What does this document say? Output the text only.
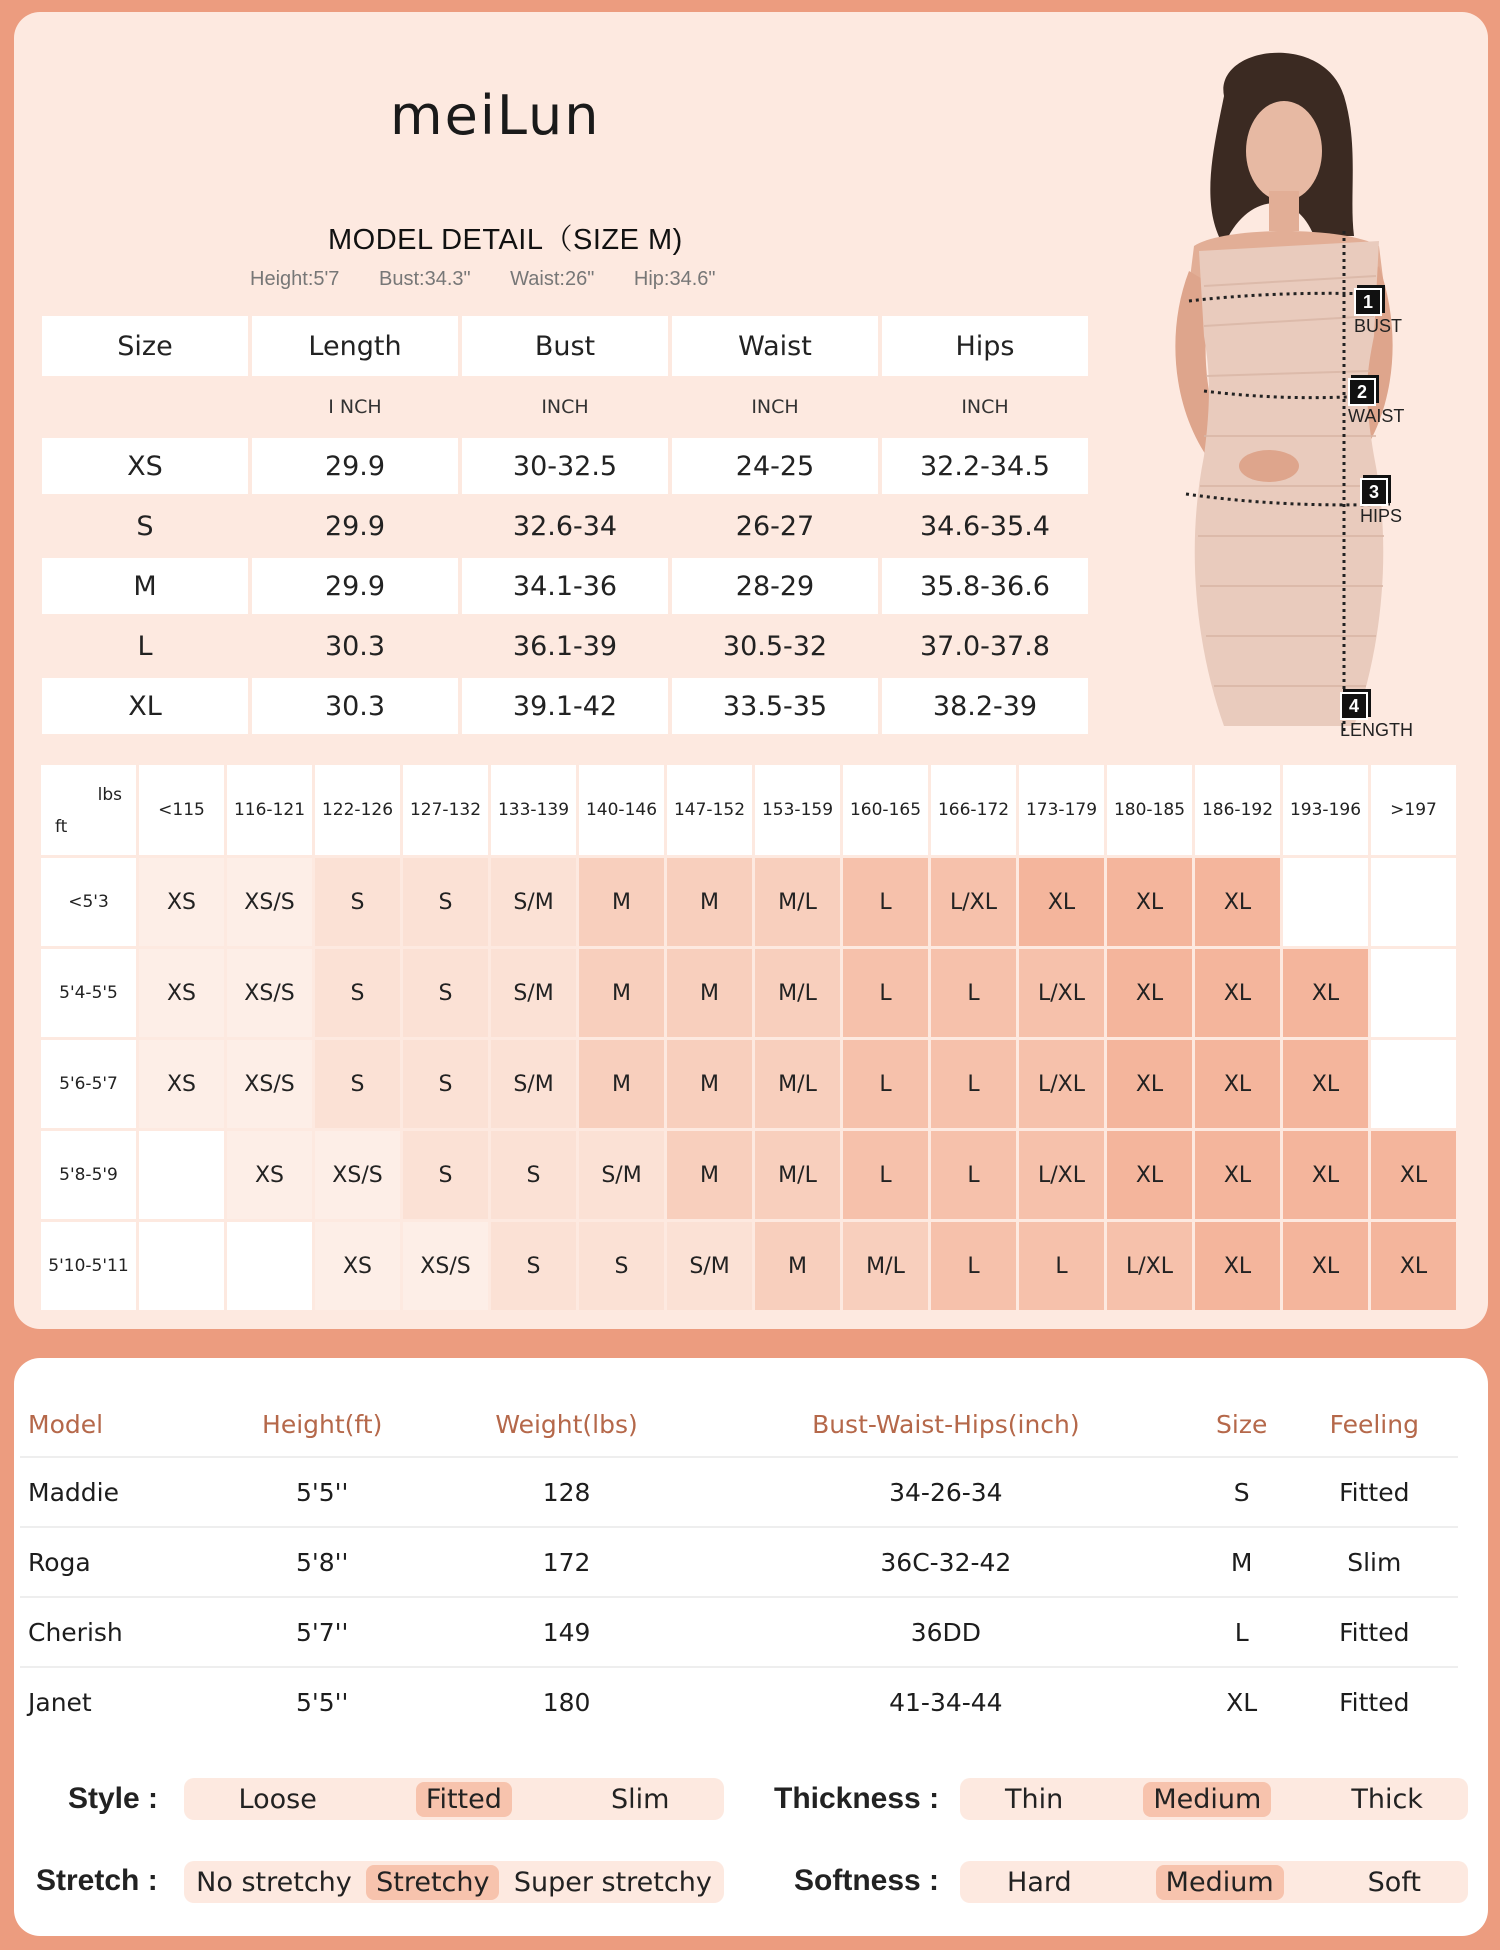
meiLun
MODEL DETAIL（SIZE M)
Height:5'7 Bust:34.3" Waist:26" Hip:34.6"
Size	Length	Bust	Waist	Hips
	I NCH	INCH	INCH	INCH
XS	29.9	30-32.5	24-25	32.2-34.5
S	29.9	32.6-34	26-27	34.6-35.4
M	29.9	34.1-36	28-29	35.8-36.6
L	30.3	36.1-39	30.5-32	37.0-37.8
XL	30.3	39.1-42	33.5-35	38.2-39
1
BUST
2
WAIST
3
HIPS
4
LENGTH
lbs
ft	<115	116-121	122-126	127-132	133-139	140-146	147-152	153-159	160-165	166-172	173-179	180-185	186-192	193-196	>197
<5'3	XS	XS/S	S	S	S/M	M	M	M/L	L	L/XL	XL	XL	XL		
5'4-5'5	XS	XS/S	S	S	S/M	M	M	M/L	L	L	L/XL	XL	XL	XL	
5'6-5'7	XS	XS/S	S	S	S/M	M	M	M/L	L	L	L/XL	XL	XL	XL	
5'8-5'9		XS	XS/S	S	S	S/M	M	M/L	L	L	L/XL	XL	XL	XL	XL
5'10-5'11			XS	XS/S	S	S	S/M	M	M/L	L	L	L/XL	XL	XL	XL
Model	Height(ft)	Weight(lbs)	Bust-Waist-Hips(inch)	Size	Feeling
Maddie	5'5''	128	34-26-34	S	Fitted
Roga	5'8''	172	36C-32-42	M	Slim
Cherish	5'7''	149	36DD	L	Fitted
Janet	5'5''	180	41-34-44	XL	Fitted
Style :	Loose	Fitted	Slim	Thickness :	Thin	Medium	Thick
Stretch :	No stretchy Stretchy Super stretchy	Softness :	Hard	Medium	Soft
